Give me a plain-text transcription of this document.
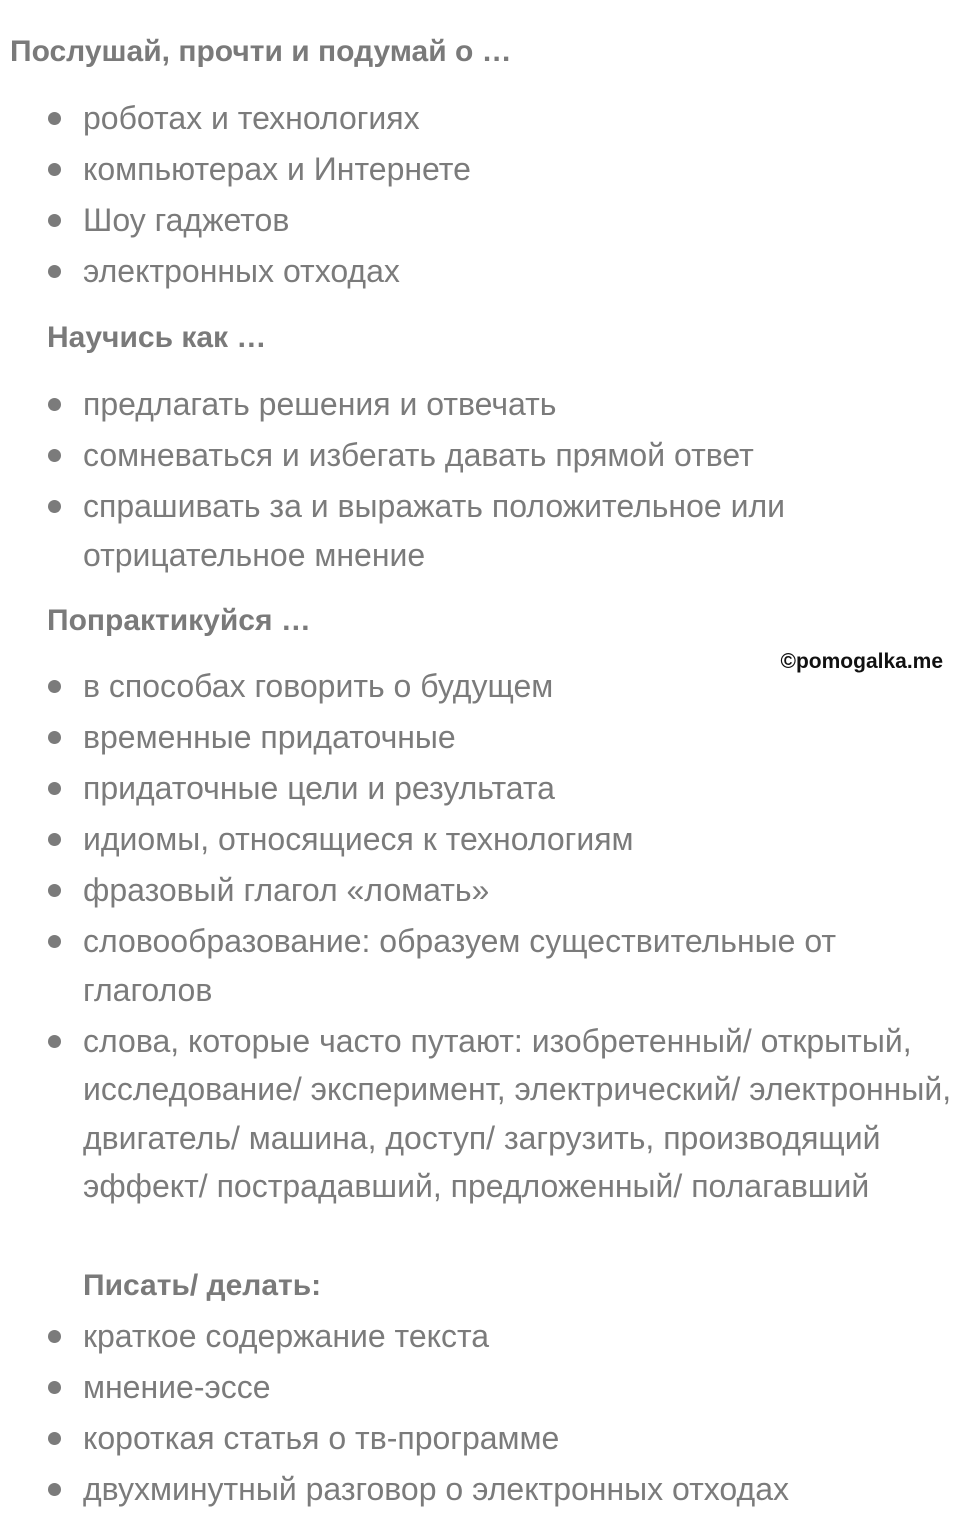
Послушай, прочти и подумай о …
роботах и технологиях
компьютерах и Интернете
Шоу гаджетов
электронных отходах
Научись как …
предлагать решения и отвечать
сомневаться и избегать давать прямой ответ
спрашивать за и выражать положительное или отрицательное мнение
Попрактикуйся …
©pomogalka.me
в способах говорить о будущем
временные придаточные
придаточные цели и результата
идиомы, относящиеся к технологиям
фразовый глагол «ломать»
словообразование: образуем существительные от глаголов
слова, которые часто путают: изобретенный/ открытый, исследование/ эксперимент, электрический/ электронный, двигатель/ машина, доступ/ загрузить, производящий эффект/ пострадавший, предложенный/ полагавший
Писать/ делать:
краткое содержание текста
мнение-эссе
короткая статья о тв-программе
двухминутный разговор о электронных отходах
